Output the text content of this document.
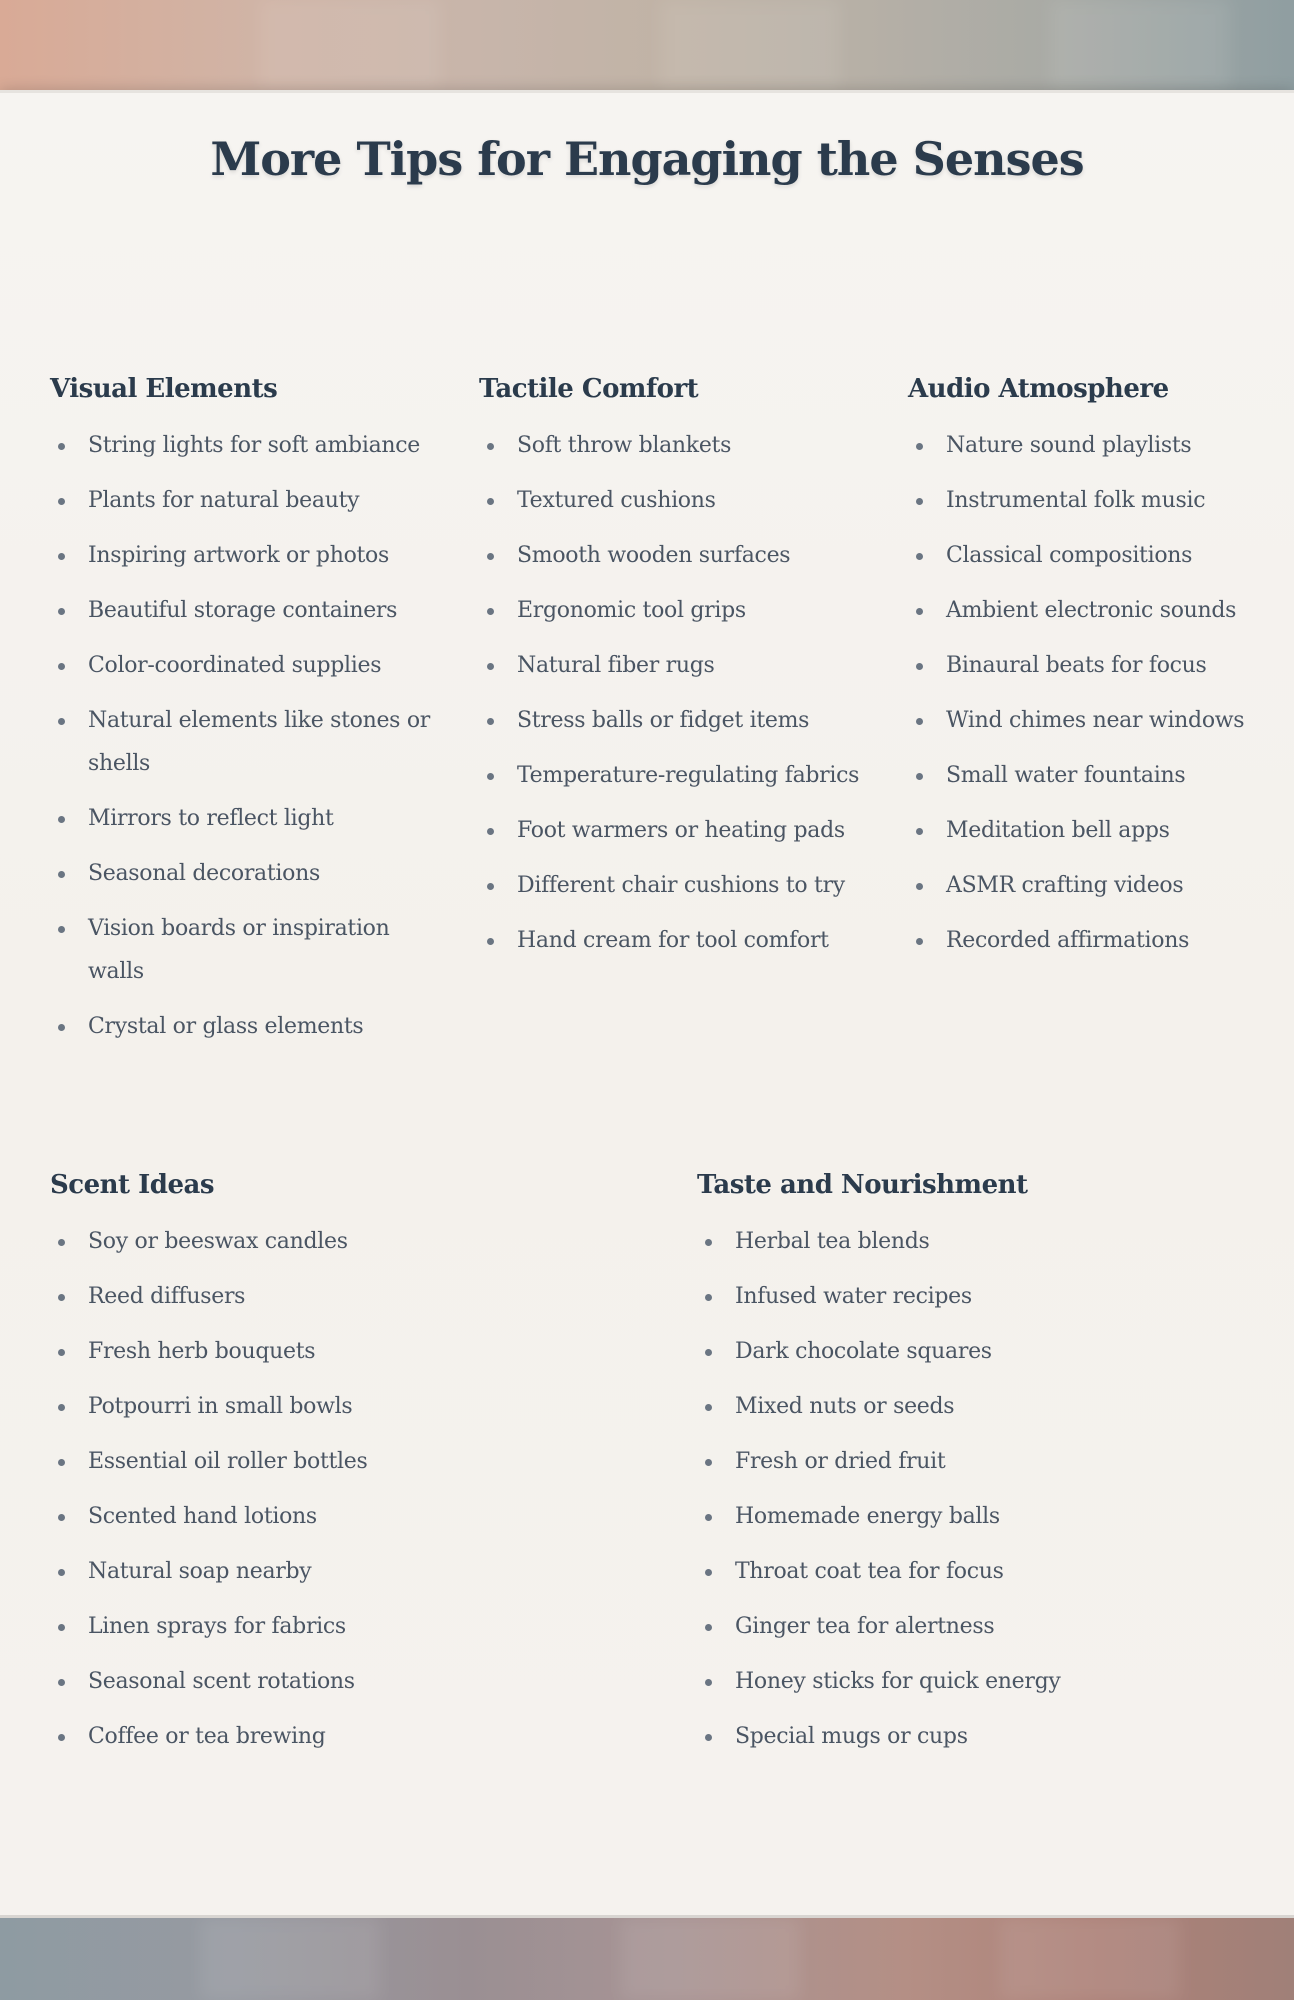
More Tips for Engaging the Senses
Visual Elements
String lights for soft ambiance
Plants for natural beauty
Inspiring artwork or photos
Beautiful storage containers
Color-coordinated supplies
Natural elements like stones or shells
Mirrors to reflect light
Seasonal decorations
Vision boards or inspiration walls
Crystal or glass elements
Tactile Comfort
Soft throw blankets
Textured cushions
Smooth wooden surfaces
Ergonomic tool grips
Natural fiber rugs
Stress balls or fidget items
Temperature-regulating fabrics
Foot warmers or heating pads
Different chair cushions to try
Hand cream for tool comfort
Audio Atmosphere
Nature sound playlists
Instrumental folk music
Classical compositions
Ambient electronic sounds
Binaural beats for focus
Wind chimes near windows
Small water fountains
Meditation bell apps
ASMR crafting videos
Recorded affirmations
Scent Ideas
Soy or beeswax candles
Reed diffusers
Fresh herb bouquets
Potpourri in small bowls
Essential oil roller bottles
Scented hand lotions
Natural soap nearby
Linen sprays for fabrics
Seasonal scent rotations
Coffee or tea brewing
Taste and Nourishment
Herbal tea blends
Infused water recipes
Dark chocolate squares
Mixed nuts or seeds
Fresh or dried fruit
Homemade energy balls
Throat coat tea for focus
Ginger tea for alertness
Honey sticks for quick energy
Special mugs or cups
